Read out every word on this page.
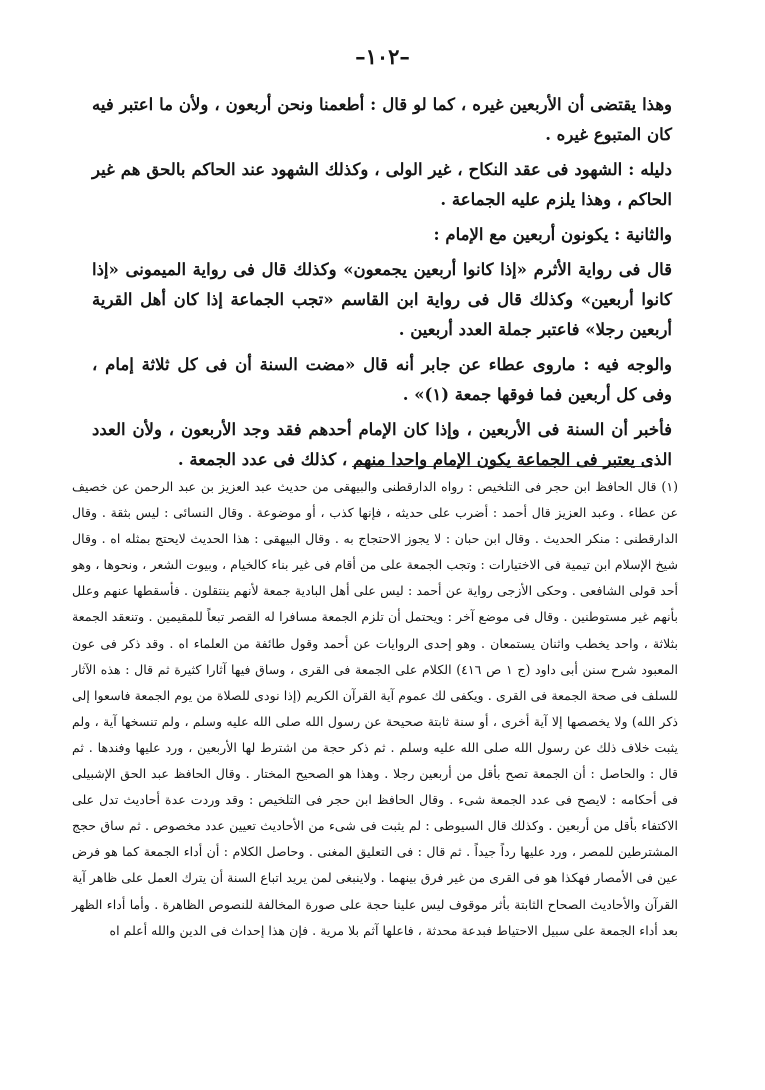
–١٠٢–

وهذا يقتضى أن الأربعين غيره ، كما لو قال : أطعمنا ونحن أربعون ، ولأن ما اعتبر فيه كان المتبوع غيره .

دليله : الشهود فى عقد النكاح ، غير الولى ، وكذلك الشهود عند الحاكم بالحق هم غير الحاكم ، وهذا يلزم عليه الجماعة .

والثانية : يكونون أربعين مع الإمام :

قال فى رواية الأثرم «إذا كانوا أربعين يجمعون» وكذلك قال فى رواية الميمونى «إذا كانوا أربعين» وكذلك قال فى رواية ابن القاسم «تجب الجماعة إذا كان أهل القرية أربعين رجلا» فاعتبر جملة العدد أربعين .

والوجه فيه : ماروى عطاء عن جابر أنه قال «مضت السنة أن فى كل ثلاثة إمام ، وفى كل أربعين فما فوقها جمعة (١)» .

فأخبر أن السنة فى الأربعين ، وإذا كان الإمام أحدهم فقد وجد الأربعون ، ولأن العدد الذى يعتبر فى الجماعة يكون الإمام واحدا منهم ، كذلك فى عدد الجمعة .

(١) قال الحافظ ابن حجر فى التلخيص : رواه الدارقطنى والبيهقى من حديث عبد العزيز بن عبد الرحمن عن خصيف عن عطاء . وعبد العزيز قال أحمد : أضرب على حديثه ، فإنها كذب ، أو موضوعة . وقال النسائى : ليس بثقة . وقال الدارقطنى : منكر الحديث . وقال ابن حبان : لا يجوز الاحتجاج به . وقال البيهقى : هذا الحديث لايحتج بمثله اه . وقال شيخ الإسلام ابن تيمية فى الاختيارات : وتجب الجمعة على من أقام فى غير بناء كالخيام ، وبيوت الشعر ، ونحوها ، وهو أحد قولى الشافعى . وحكى الأزجى رواية عن أحمد : ليس على أهل البادية جمعة لأنهم ينتقلون . فأسقطها عنهم وعلل بأنهم غير مستوطنين . وقال فى موضع آخر : ويحتمل أن تلزم الجمعة مسافرا له القصر تبعاً للمقيمين . وتنعقد الجمعة بثلاثة ، واحد يخطب واثنان يستمعان . وهو إحدى الروايات عن أحمد وقول طائفة من العلماء اه . وقد ذكر فى عون المعبود شرح سنن أبى داود (ج ١ ص ٤١٦) الكلام على الجمعة فى القرى ، وساق فيها آثارا كثيرة ثم قال : هذه الآثار للسلف فى صحة الجمعة فى القرى . ويكفى لك عموم آية القرآن الكريم (إذا نودى للصلاة من يوم الجمعة فاسعوا إلى ذكر الله) ولا يخصصها إلا آية أخرى ، أو سنة ثابتة صحيحة عن رسول الله صلى الله عليه وسلم ، ولم تنسخها آية ، ولم يثبت خلاف ذلك عن رسول الله صلى الله عليه وسلم . ثم ذكر حجة من اشترط لها الأربعين ، ورد عليها وفندها . ثم قال : والحاصل : أن الجمعة تصح بأقل من أربعين رجلا . وهذا هو الصحيح المختار . وقال الحافظ عبد الحق الإشبيلى فى أحكامه : لايصح فى عدد الجمعة شىء . وقال الحافظ ابن حجر فى التلخيص : وقد وردت عدة أحاديث تدل على الاكتفاء بأقل من أربعين . وكذلك قال السيوطى : لم يثبت فى شىء من الأحاديث تعيين عدد مخصوص . ثم ساق حجج المشترطين للمصر ، ورد عليها رداً جيداً . ثم قال : فى التعليق المغنى . وحاصل الكلام : أن أداء الجمعة كما هو فرض عين فى الأمصار فهكذا هو فى القرى من غير فرق بينهما . ولاينبغى لمن يريد اتباع السنة أن يترك العمل على ظاهر آية القرآن والأحاديث الصحاح الثابتة بأثر موقوف ليس علينا حجة على صورة المخالفة للنصوص الظاهرة . وأما أداء الظهر بعد أداء الجمعة على سبيل الاحتياط فبدعة محدثة ، فاعلها آثم بلا مرية . فإن هذا إحداث فى الدين والله أعلم اه
